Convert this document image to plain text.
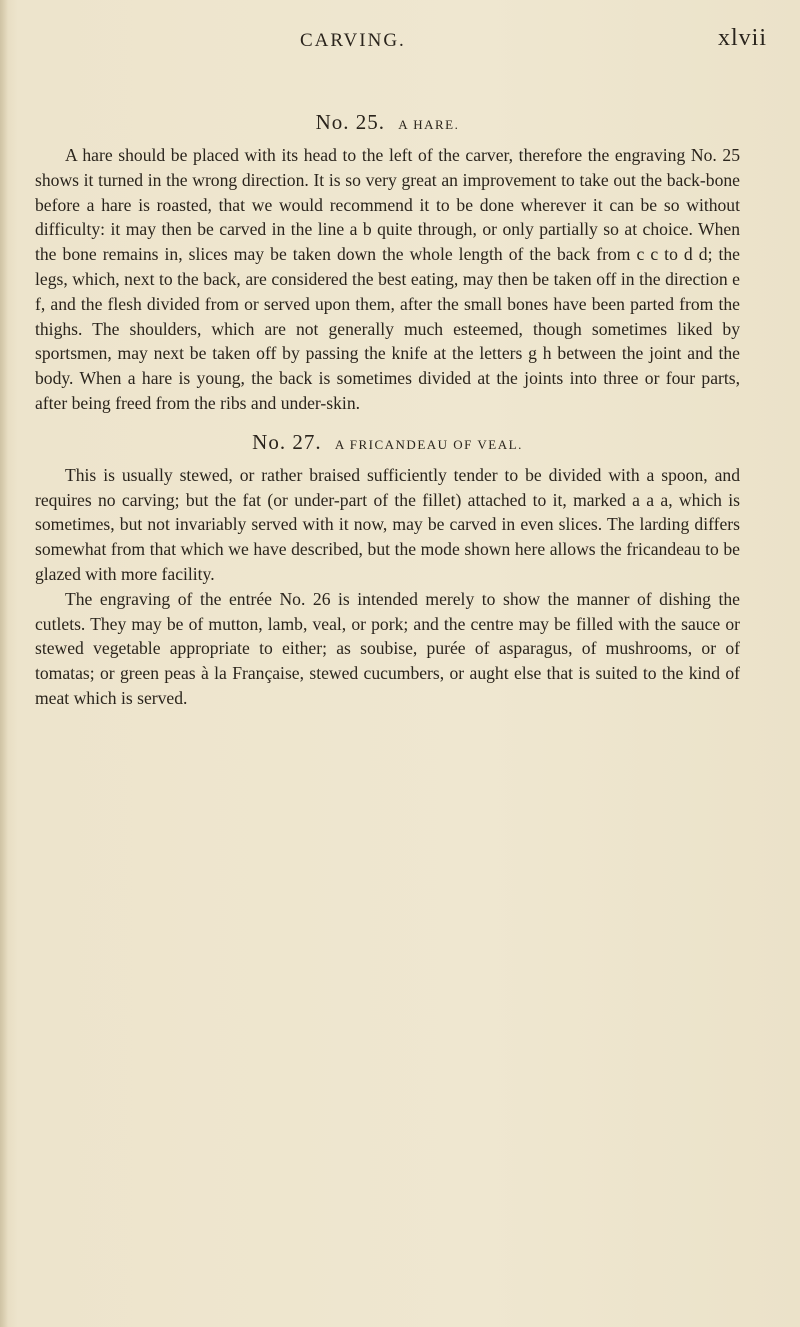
CARVING.	xlvii
No. 25. A HARE.

A hare should be placed with its head to the left of the carver, therefore the engraving No. 25 shows it turned in the wrong direction. It is so very great an improvement to take out the back-bone before a hare is roasted, that we would recommend it to be done wherever it can be so without difficulty: it may then be carved in the line a b quite through, or only partially so at choice. When the bone remains in, slices may be taken down the whole length of the back from c c to d d; the legs, which, next to the back, are considered the best eating, may then be taken off in the direction e f, and the flesh divided from or served upon them, after the small bones have been parted from the thighs. The shoulders, which are not generally much esteemed, though sometimes liked by sportsmen, may next be taken off by passing the knife at the letters g h between the joint and the body. When a hare is young, the back is sometimes divided at the joints into three or four parts, after being freed from the ribs and under-skin.

No. 27. A FRICANDEAU OF VEAL.

This is usually stewed, or rather braised sufficiently tender to be divided with a spoon, and requires no carving; but the fat (or under-part of the fillet) attached to it, marked a a a, which is sometimes, but not invariably served with it now, may be carved in even slices. The larding differs somewhat from that which we have described, but the mode shown here allows the fricandeau to be glazed with more facility.

The engraving of the entrée No. 26 is intended merely to show the manner of dishing the cutlets. They may be of mutton, lamb, veal, or pork; and the centre may be filled with the sauce or stewed vegetable appropriate to either; as soubise, purée of asparagus, of mushrooms, or of tomatas; or green peas à la Française, stewed cucumbers, or aught else that is suited to the kind of meat which is served.
